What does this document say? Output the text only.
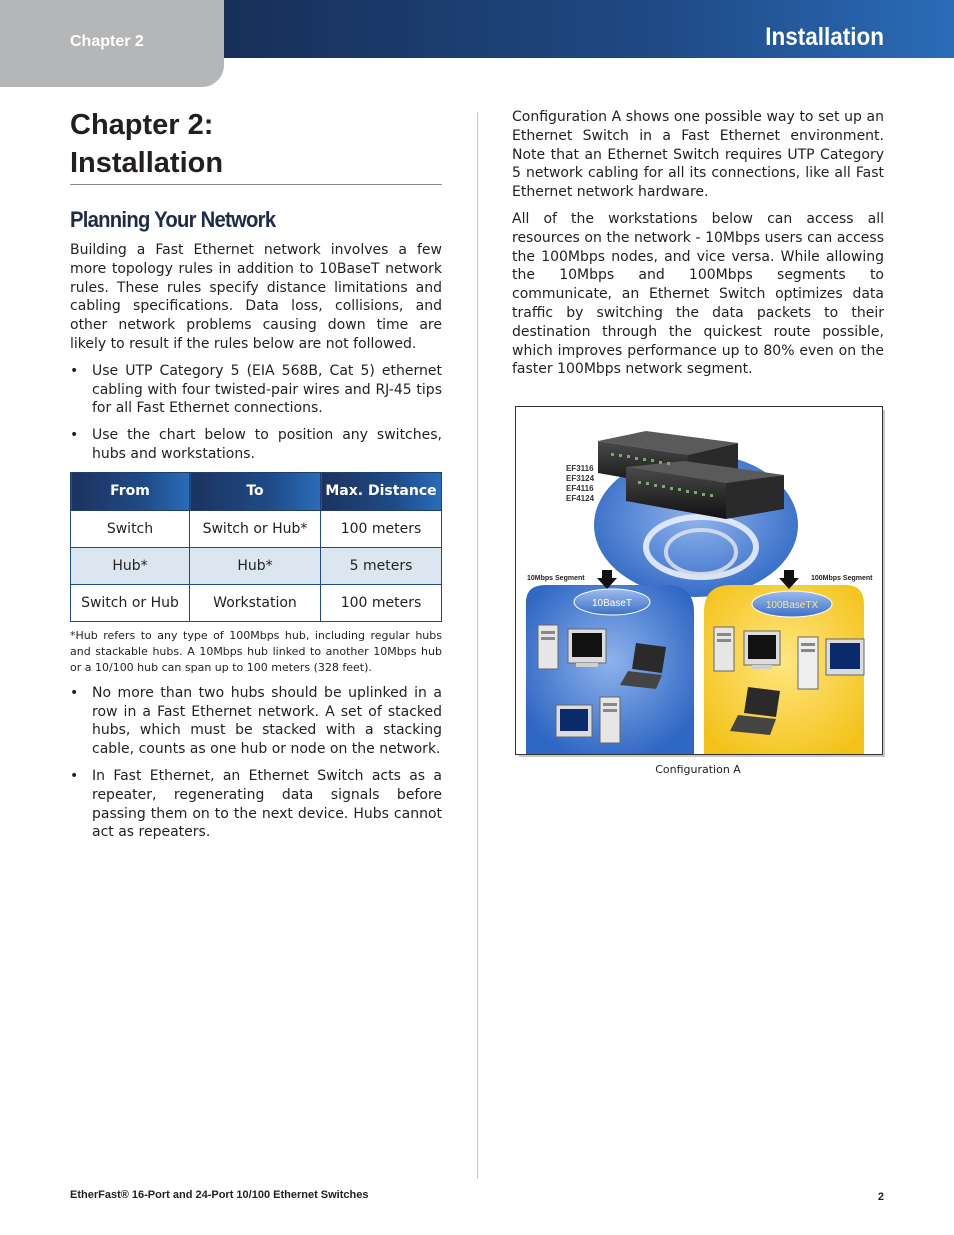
Chapter 2	Installation
Chapter 2:
Installation
Planning Your Network

Building a Fast Ethernet network involves a few more topology rules in addition to 10BaseT network rules. These rules specify distance limitations and cabling specifications. Data loss, collisions, and other network problems causing down time are likely to result if the rules below are not followed.

• Use UTP Category 5 (EIA 568B, Cat 5) ethernet cabling with four twisted-pair wires and RJ-45 tips for all Fast Ethernet connections.
• Use the chart below to position any switches, hubs and workstations.
From	To	Max. Distance
Switch	Switch or Hub*	100 meters
Hub*	Hub*	5 meters
Switch or Hub	Workstation	100 meters

*Hub refers to any type of 100Mbps hub, including regular hubs and stackable hubs. A 10Mbps hub linked to another 10Mbps hub or a 10/100 hub can span up to 100 meters (328 feet).

• No more than two hubs should be uplinked in a row in a Fast Ethernet network. A set of stacked hubs, which must be stacked with a stacking cable, counts as one hub or node on the network.
• In Fast Ethernet, an Ethernet Switch acts as a repeater, regenerating data signals before passing them on to the next device. Hubs cannot act as repeaters.

Configuration A shows one possible way to set up an Ethernet Switch in a Fast Ethernet environment. Note that an Ethernet Switch requires UTP Category 5 network cabling for all its connections, like all Fast Ethernet network hardware.

All of the workstations below can access all resources on the network - 10Mbps users can access the 100Mbps nodes, and vice versa. While allowing the 10Mbps and 100Mbps segments to communicate, an Ethernet Switch optimizes data traffic by switching the data packets to their destination through the quickest route possible, which improves performance up to 80% even on the faster 100Mbps network segment.

EF3116
EF3124
EF4116
EF4124
10Mbps Segment	100Mbps Segment
10BaseT	100BaseTX
Configuration A
EtherFast® 16-Port and 24-Port 10/100 Ethernet Switches	2
